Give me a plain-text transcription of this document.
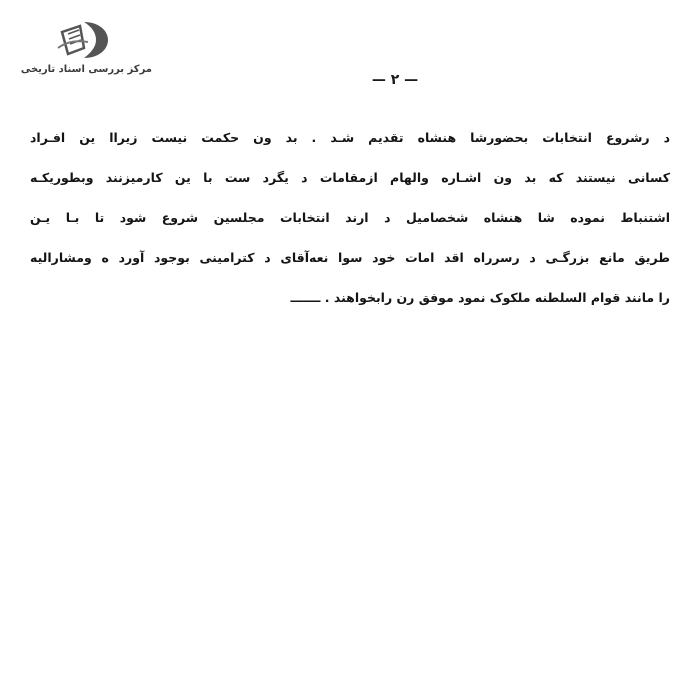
مرکز بررسی اسناد تاریخی
— ۲ —
د رشروع انتخابات بحضورشا هنشاه تقدیم شـد . بد ون حکمت نیست زیراا ین افـراد
کسانی نیستند که بد ون اشـاره والهام ازمقامات د یگرد ست با ین کارمیزنند وبطوریکـه
اشتنباط نموده شا هنشاه شخصامیل د ارند انتخابات مجلسین شروع شود تا بـا یـن
طریق مانع بزرگـی د رسرراه اقد امات خود سوا نعه‌آقای د کترامینی بوجود آورد ه ومشارالیه
را مانند قوام السلطنه ملکوک نمود موفق رن رابخواهند . ـــــــ
